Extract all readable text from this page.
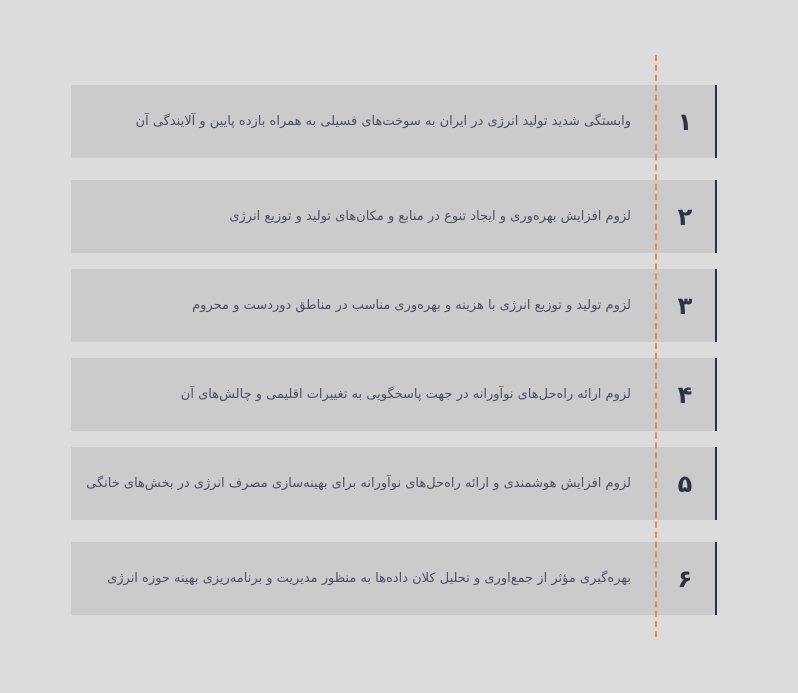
۱
وابستگی شدید تولید انرژی در ایران به سوخت‌های فسیلی به همراه بازده پایین و آلایندگی آن
۲
لزوم افزایش بهره‌وری و ایجاد تنوع در منابع و مکان‌های تولید و توزیع انرژی
۳
لزوم تولید و توزیع انرژی با هزینه و بهره‌وری مناسب در مناطق دوردست و محروم
۴
لزوم ارائه راه‌حل‌های نوآورانه در جهت پاسخگویی به تغییرات اقلیمی و چالش‌های آن
۵
لزوم افزایش هوشمندی و ارائه راه‌حل‌های نوآورانه برای بهینه‌سازی مصرف انرژی در بخش‌های خانگی
۶
بهره‌گیری مؤثر از جمع‌اوری و تحلیل کلان داده‌ها به منظور مدیریت و برنامه‌ریزی بهینه حوزه انرژی
